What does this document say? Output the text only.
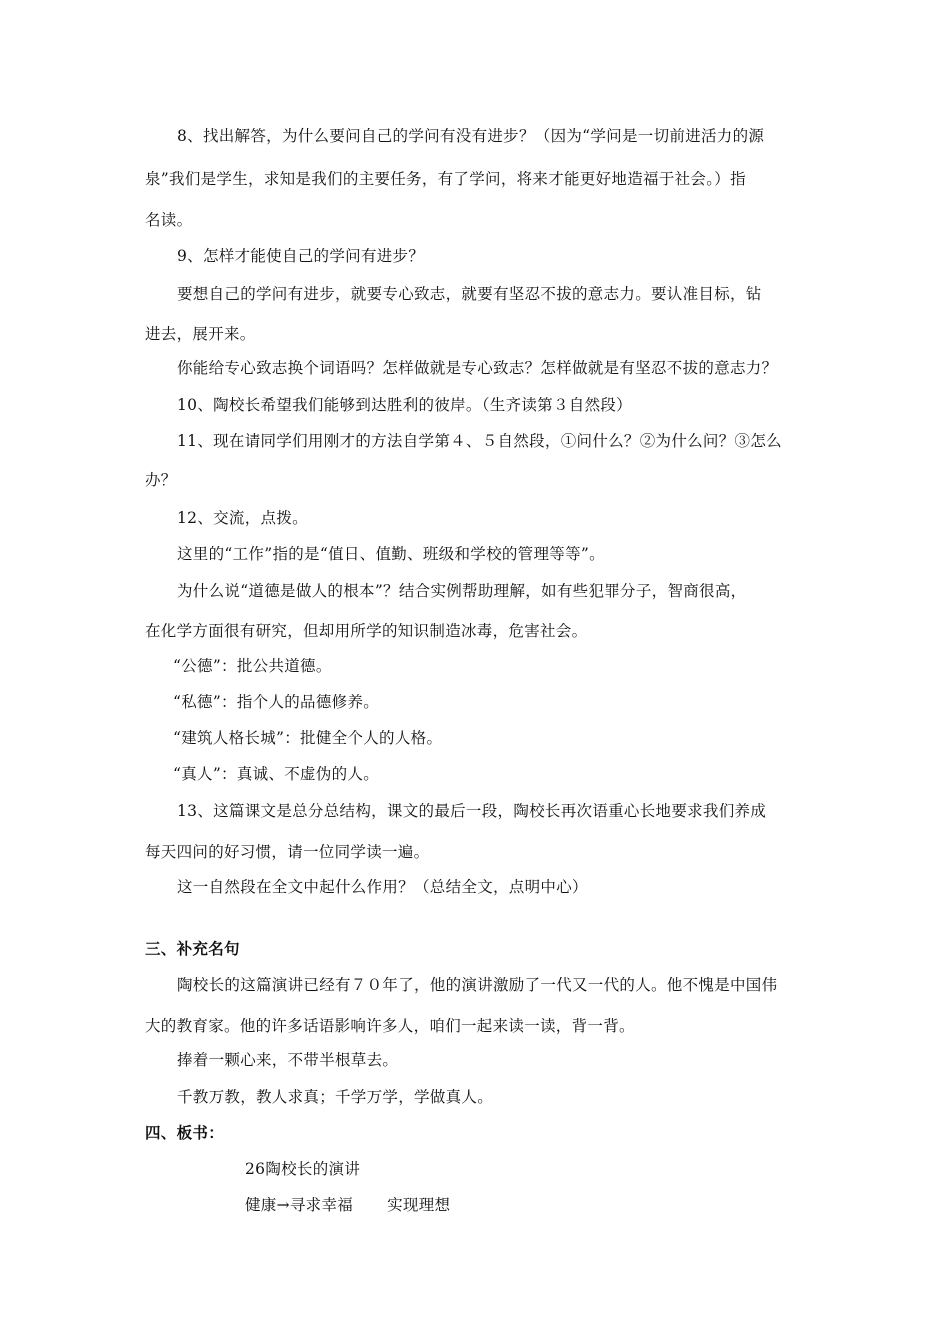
8、找出解答，为什么要问自己的学问有没有进步？（因为“学问是一切前进活力的源
泉”我们是学生，求知是我们的主要任务，有了学问，将来才能更好地造福于社会。）指
名读。
9、怎样才能使自己的学问有进步？
要想自己的学问有进步，就要专心致志，就要有坚忍不拔的意志力。要认准目标，钻
进去，展开来。
你能给专心致志换个词语吗？怎样做就是专心致志？怎样做就是有坚忍不拔的意志力？
10、陶校长希望我们能够到达胜利的彼岸。（生齐读第３自然段）
11、现在请同学们用刚才的方法自学第４、５自然段，①问什么？②为什么问？③怎么
办？
12、交流，点拨。
这里的“工作”指的是“值日、值勤、班级和学校的管理等等”。
为什么说“道德是做人的根本”？结合实例帮助理解，如有些犯罪分子，智商很高，
在化学方面很有研究，但却用所学的知识制造冰毒，危害社会。
“公德”：批公共道德。
“私德”：指个人的品德修养。
“建筑人格长城”：批健全个人的人格。
“真人”：真诚、不虚伪的人。
13、这篇课文是总分总结构，课文的最后一段，陶校长再次语重心长地要求我们养成
每天四问的好习惯，请一位同学读一遍。
这一自然段在全文中起什么作用？（总结全文，点明中心）
三、补充名句
陶校长的这篇演讲已经有７０年了，他的演讲激励了一代又一代的人。他不愧是中国伟
大的教育家。他的许多话语影响许多人，咱们一起来读一读，背一背。
捧着一颗心来，不带半根草去。
千教万教，教人求真；千学万学，学做真人。
四、板书：
26陶校长的演讲
健康→寻求幸福 实现理想
